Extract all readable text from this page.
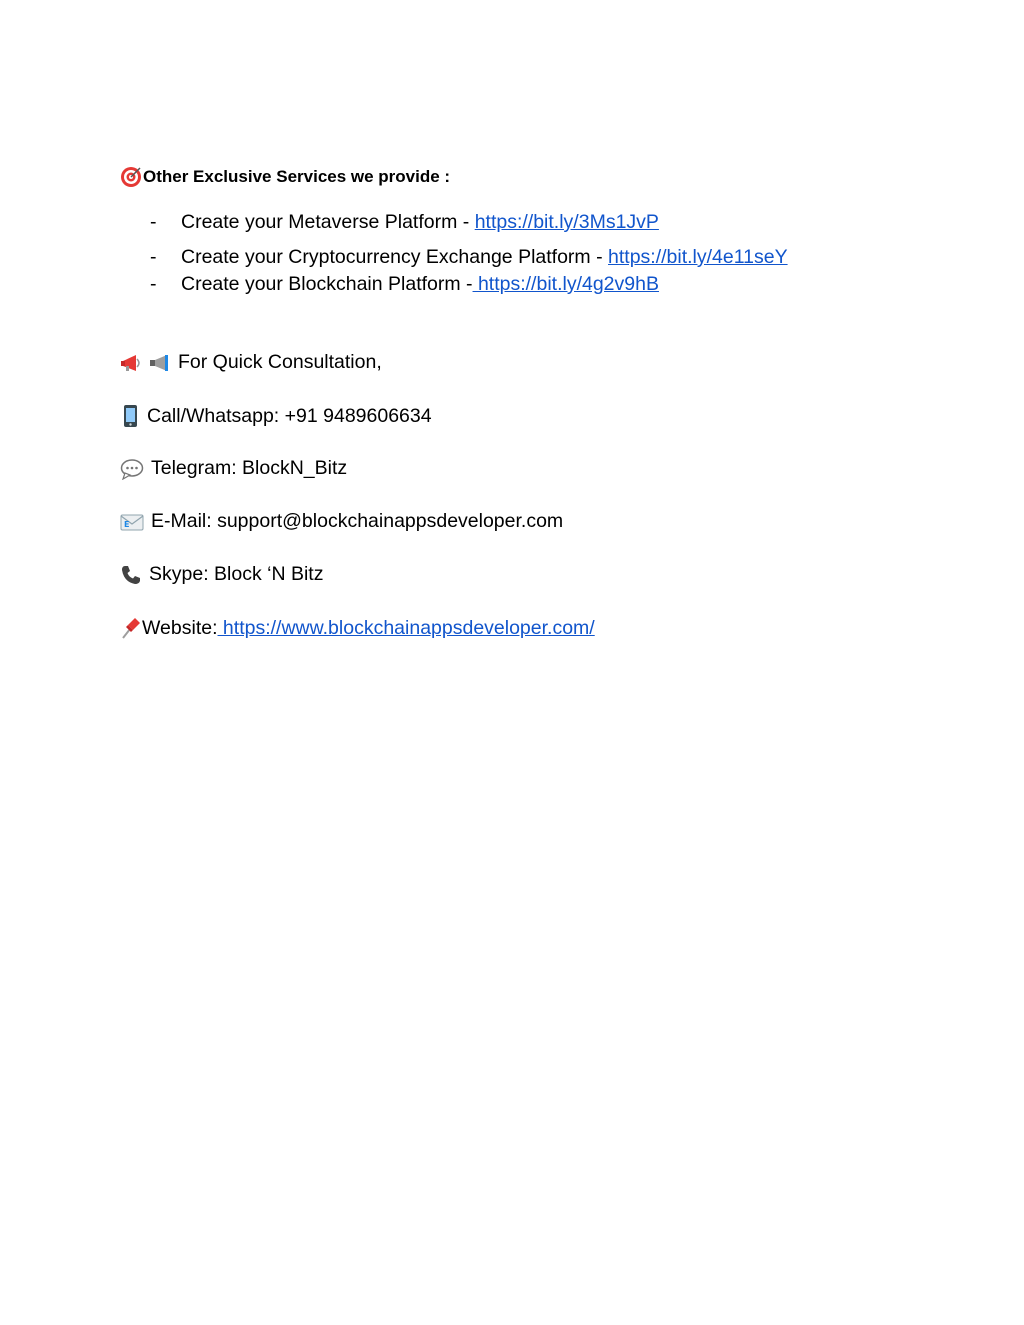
Other Exclusive Services we provide :
-	Create your Metaverse Platform - https://bit.ly/3Ms1JvP
-	Create your Cryptocurrency Exchange Platform - https://bit.ly/4e11seY
-	Create your Blockchain Platform - https://bit.ly/4g2v9hB
For Quick Consultation,
Call/Whatsapp: +91 9489606634
Telegram: BlockN_Bitz
E E-Mail: support@blockchainappsdeveloper.com
Skype: Block ‘N Bitz
Website: https://www.blockchainappsdeveloper.com/
